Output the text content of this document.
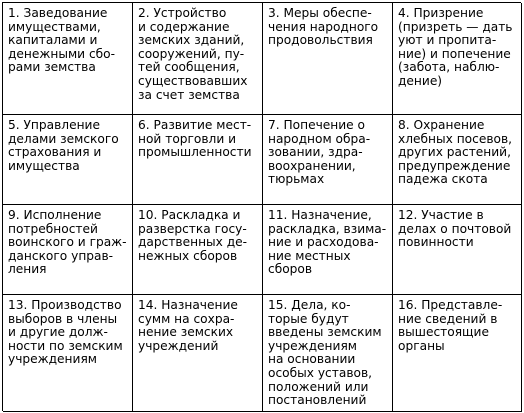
1. Заведование
имуществами,
капиталами и
денежными сбо-
рами земства
2. Устройство
и содержание
земских зданий,
сооружений, пу-
тей сообщения,
существовавших
за счет земства
3. Меры обеспе-
чения народного
продовольствия
4. Призрение
(призреть — дать
уют и пропита-
ние) и попечение
(забота, наблю-
дение)
5. Управление
делами земского
страхования и
имущества
6. Развитие мест-
ной торговли и
промышленности
7. Попечение о
народном обра-
зовании, здра-
воохранении,
тюрьмах
8. Охранение
хлебных посевов,
других растений,
предупреждение
падежа скота
9. Исполнение
потребностей
воинского и граж-
данского управ-
ления
10. Раскладка и
разверстка госу-
дарственных де-
нежных сборов
11. Назначение,
раскладка, взима-
ние и расходова-
ние местных
сборов
12. Участие в
делах о почтовой
повинности
13. Производство
выборов в члены
и другие долж-
ности по земским
учреждениям
14. Назначение
сумм на сохра-
нение земских
учреждений
15. Дела, ко-
торые будут
введены земским
учреждениям
на основании
особых уставов,
положений или
постановлений
16. Представле-
ние сведений в
вышестоящие
органы
